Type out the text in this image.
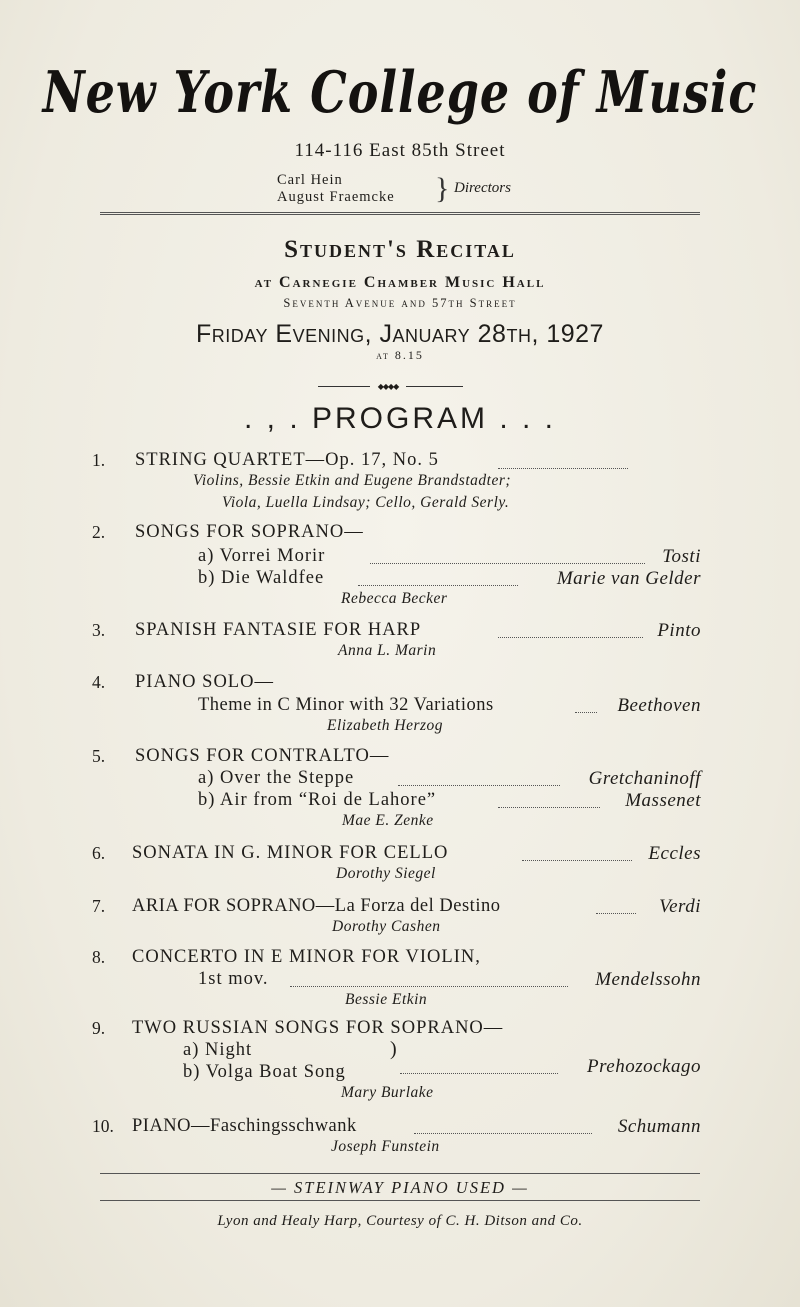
New York College of Music
114-116 East 85th Street
Carl Hein
August Fraemcke	} Directors
Student's Recital
at Carnegie Chamber Music Hall
Seventh Avenue and 57th Street
Friday Evening, January 28th, 1927
at 8.15
◆◆◆◆
. , . PROGRAM . . .
1.	STRING QUARTET—Op. 17, No. 5
Violins, Bessie Etkin and Eugene Brandstadter;
Viola, Luella Lindsay; Cello, Gerald Serly.
2.	SONGS FOR SOPRANO—
a) Vorrei Morir	Tosti
b) Die Waldfee	Marie van Gelder
Rebecca Becker
3.	SPANISH FANTASIE FOR HARP	Pinto
Anna L. Marin
4.	PIANO SOLO—
Theme in C Minor with 32 Variations	Beethoven
Elizabeth Herzog
5.	SONGS FOR CONTRALTO—
a) Over the Steppe	Gretchaninoff
b) Air from “Roi de Lahore”	Massenet
Mae E. Zenke
6.	SONATA IN G. MINOR FOR CELLO	Eccles
Dorothy Siegel
7.	ARIA FOR SOPRANO—La Forza del Destino	Verdi
Dorothy Cashen
8.	CONCERTO IN E MINOR FOR VIOLIN,
1st mov.	Mendelssohn
Bessie Etkin
9.	TWO RUSSIAN SONGS FOR SOPRANO—
a) Night	)
b) Volga Boat Song	Prehozockago
Mary Burlake
10. PIANO—Faschingsschwank	Schumann
Joseph Funstein
— STEINWAY PIANO USED —
Lyon and Healy Harp, Courtesy of C. H. Ditson and Co.
